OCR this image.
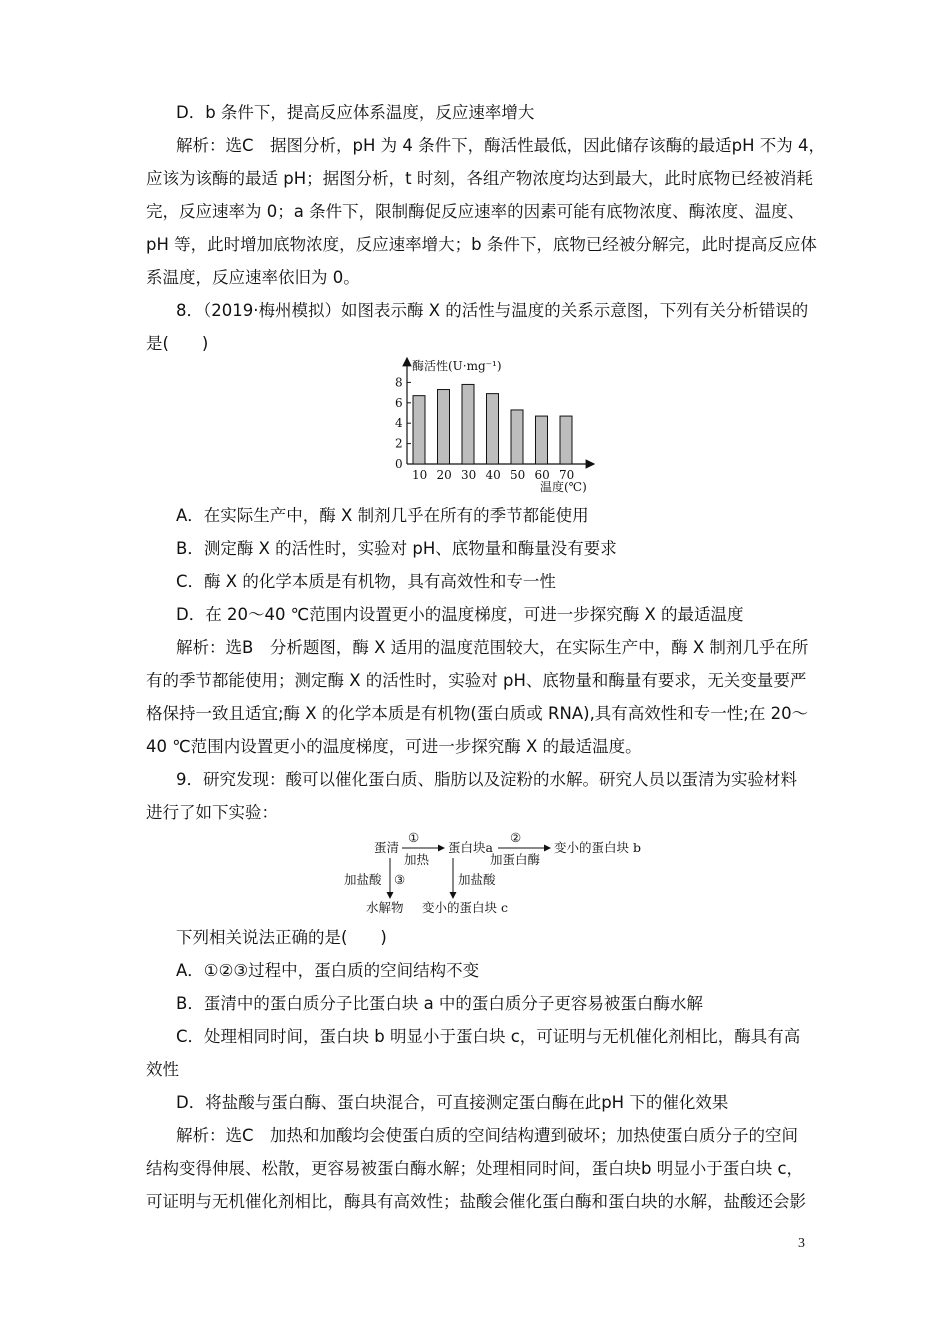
D．b 条件下，提高反应体系温度，反应速率增大
解析：选C　据图分析，pH 为 4 条件下，酶活性最低，因此储存该酶的最适pH 不为 4，
应该为该酶的最适 pH；据图分析，t 时刻，各组产物浓度均达到最大，此时底物已经被消耗
完，反应速率为 0；a 条件下，限制酶促反应速率的因素可能有底物浓度、酶浓度、温度、
pH 等，此时增加底物浓度，反应速率增大；b 条件下，底物已经被分解完，此时提高反应体
系温度，反应速率依旧为 0。
8．（2019·梅州模拟）如图表示酶 X 的活性与温度的关系示意图，下列有关分析错误的
是(　　)
酶活性(U·mg⁻¹)
温度(℃)
0
2
4
6
8
10 20 30 40 50 60 70
A．在实际生产中，酶 X 制剂几乎在所有的季节都能使用
B．测定酶 X 的活性时，实验对 pH、底物量和酶量没有要求
C．酶 X 的化学本质是有机物，具有高效性和专一性
D．在 20～40 ℃范围内设置更小的温度梯度，可进一步探究酶 X 的最适温度
解析：选B　分析题图，酶 X 适用的温度范围较大，在实际生产中，酶 X 制剂几乎在所
有的季节都能使用；测定酶 X 的活性时，实验对 pH、底物量和酶量有要求，无关变量要严
格保持一致且适宜;酶 X 的化学本质是有机物(蛋白质或 RNA),具有高效性和专一性;在 20～
40 ℃范围内设置更小的温度梯度，可进一步探究酶 X 的最适温度。
9．研究发现：酸可以催化蛋白质、脂肪以及淀粉的水解。研究人员以蛋清为实验材料
进行了如下实验：
蛋清
①
加热
蛋白块a
②
加蛋白酶
变小的蛋白块 b
加盐酸 ③	加盐酸
水解物 变小的蛋白块 c
下列相关说法正确的是(　　)
A．①②③过程中，蛋白质的空间结构不变
B．蛋清中的蛋白质分子比蛋白块 a 中的蛋白质分子更容易被蛋白酶水解
C．处理相同时间，蛋白块 b 明显小于蛋白块 c，可证明与无机催化剂相比，酶具有高
效性
D．将盐酸与蛋白酶、蛋白块混合，可直接测定蛋白酶在此pH 下的催化效果
解析：选C　加热和加酸均会使蛋白质的空间结构遭到破坏；加热使蛋白质分子的空间
结构变得伸展、松散，更容易被蛋白酶水解；处理相同时间，蛋白块b 明显小于蛋白块 c，
可证明与无机催化剂相比，酶具有高效性；盐酸会催化蛋白酶和蛋白块的水解，盐酸还会影
3
